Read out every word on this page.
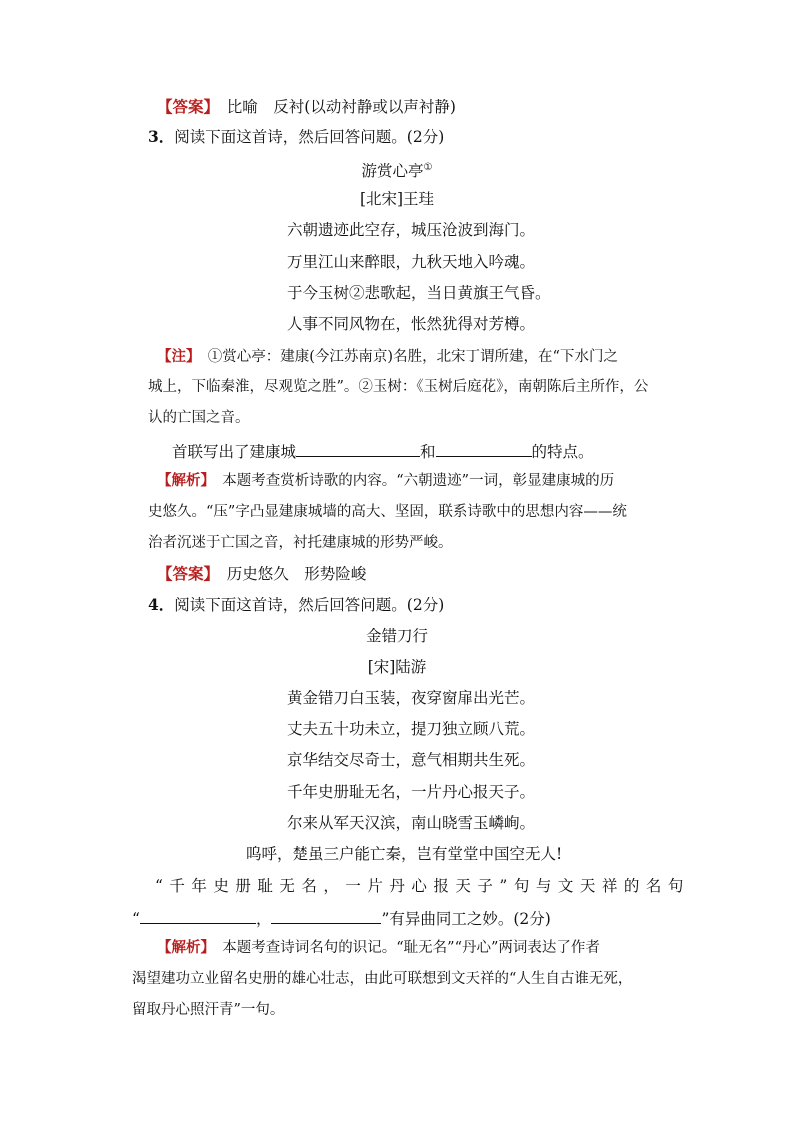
【答案】　比喻　反衬(以动衬静或以声衬静)
3．阅读下面这首诗，然后回答问题。(2分)
游赏心亭①
[北宋]王珪
六朝遗迹此空存，城压沧波到海门。
万里江山来醉眼，九秋天地入吟魂。
于今玉树②悲歌起，当日黄旗王气昏。
人事不同风物在，怅然犹得对芳樽。
【注】　①赏心亭：建康(今江苏南京)名胜，北宋丁谓所建，在“下水门之
城上，下临秦淮，尽观览之胜”。②玉树：《玉树后庭花》，南朝陈后主所作，公
认的亡国之音。
首联写出了建康城	和	的特点。
【解析】　本题考查赏析诗歌的内容。“六朝遗迹”一词，彰显建康城的历
史悠久。“压”字凸显建康城墙的高大、坚固，联系诗歌中的思想内容——统
治者沉迷于亡国之音，衬托建康城的形势严峻。
【答案】　历史悠久　形势险峻
4．阅读下面这首诗，然后回答问题。(2分)
金错刀行
[宋]陆游
黄金错刀白玉装，夜穿窗扉出光芒。
丈夫五十功未立，提刀独立顾八荒。
京华结交尽奇士，意气相期共生死。
千年史册耻无名，一片丹心报天子。
尔来从军天汉滨，南山晓雪玉嶙峋。
呜呼，楚虽三户能亡秦，岂有堂堂中国空无人!
“千年史册耻无名，一片丹心报天子”句与文天祥的名句
“	，	”有异曲同工之妙。(2分)
【解析】　本题考查诗词名句的识记。“耻无名”“丹心”两词表达了作者
渴望建功立业留名史册的雄心壮志，由此可联想到文天祥的“人生自古谁无死，
留取丹心照汗青”一句。
